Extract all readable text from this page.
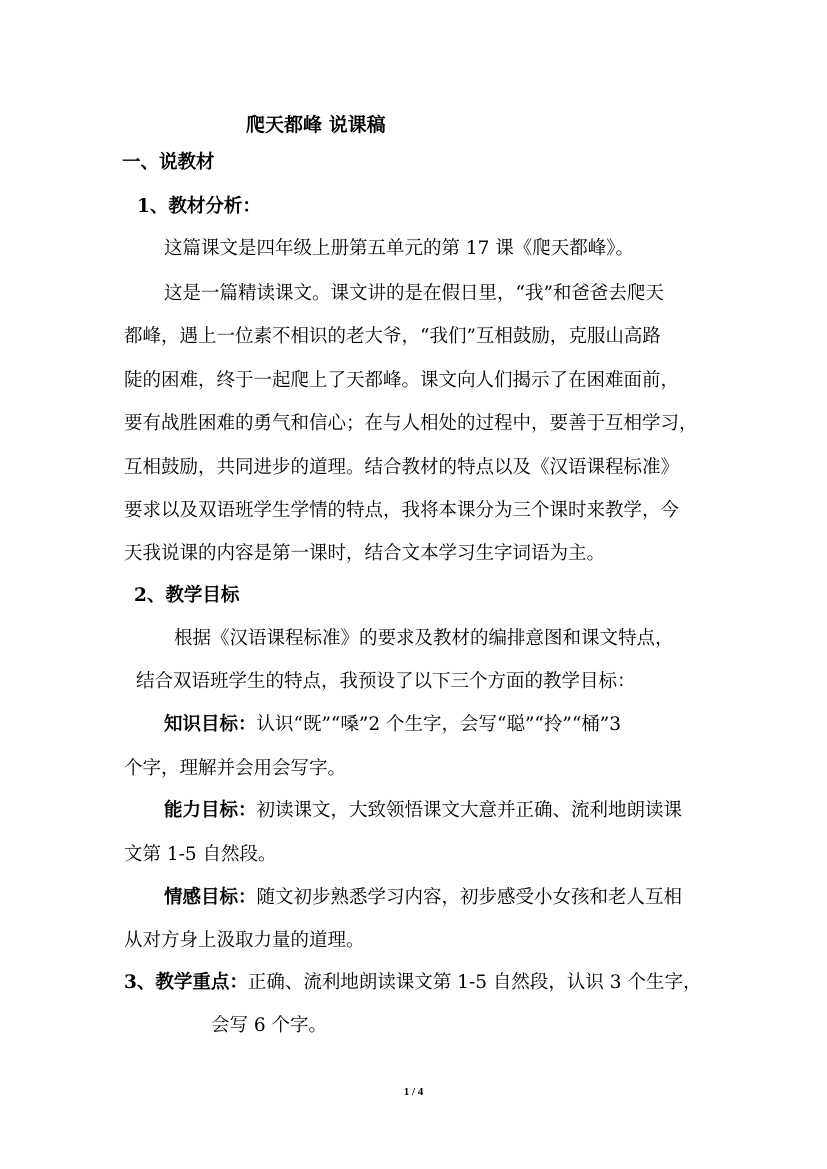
爬天都峰 说课稿
一、说教材
1、教材分析：
这篇课文是四年级上册第五单元的第 17 课《爬天都峰》。
这是一篇精读课文。课文讲的是在假日里，“我”和爸爸去爬天
都峰，遇上一位素不相识的老大爷，“我们”互相鼓励，克服山高路
陡的困难，终于一起爬上了天都峰。课文向人们揭示了在困难面前，
要有战胜困难的勇气和信心；在与人相处的过程中，要善于互相学习，
互相鼓励，共同进步的道理。结合教材的特点以及《汉语课程标准》
要求以及双语班学生学情的特点，我将本课分为三个课时来教学，今
天我说课的内容是第一课时，结合文本学习生字词语为主。
2、教学目标
根据《汉语课程标准》的要求及教材的编排意图和课文特点，
结合双语班学生的特点，我预设了以下三个方面的教学目标：
知识目标：认识“既”“嗓”2 个生字，会写“聪”“拎”“桶”3
个字，理解并会用会写字。
能力目标：初读课文，大致领悟课文大意并正确、流利地朗读课
文第 1-5 自然段。
情感目标：随文初步熟悉学习内容，初步感受小女孩和老人互相
从对方身上汲取力量的道理。
3、教学重点：正确、流利地朗读课文第 1-5 自然段，认识 3 个生字，
会写 6 个字。
1 / 4
